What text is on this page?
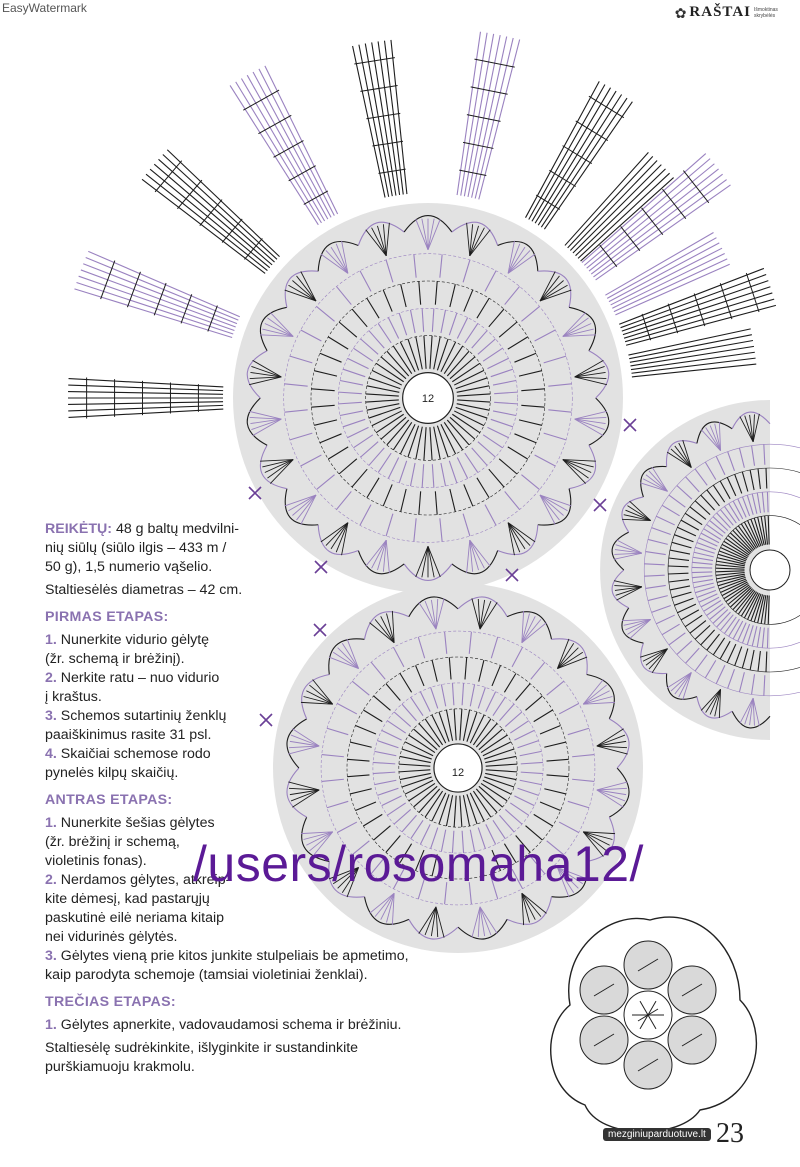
EasyWatermark	✿ RAŠTAI Išmoktinas skrybėlės
12
12

REIKĖTŲ: 48 g baltų medvilni-

nių siūlų (siūlo ilgis – 433 m /

50 g), 1,5 numerio vąšelio.

Staltiesėlės diametras – 42 cm.

PIRMAS ETAPAS:

1. Nunerkite vidurio gėlytę

(žr. schemą ir brėžinį).

2. Nerkite ratu – nuo vidurio

į kraštus.

3. Schemos sutartinių ženklų

paaiškinimus rasite 31 psl.

4. Skaičiai schemose rodo

pynelės kilpų skaičių.

ANTRAS ETAPAS:

1. Nunerkite šešias gėlytes

(žr. brėžinį ir schemą,

violetinis fonas).

2. Nerdamos gėlytes, atkreip-

kite dėmesį, kad pastarųjų

paskutinė eilė neriama kitaip

nei vidurinės gėlytės.

3. Gėlytes vieną prie kitos junkite stulpeliais be apmetimo,

kaip parodyta schemoje (tamsiai violetiniai ženklai).

TREČIAS ETAPAS:

1. Gėlytes apnerkite, vadovaudamosi schema ir brėžiniu.

Staltiesėlę sudrėkinkite, išlyginkite ir sustandinkite

purškiamuoju krakmolu.

/users/rosomaha12/
mezginiuparduotuve.lt 23
